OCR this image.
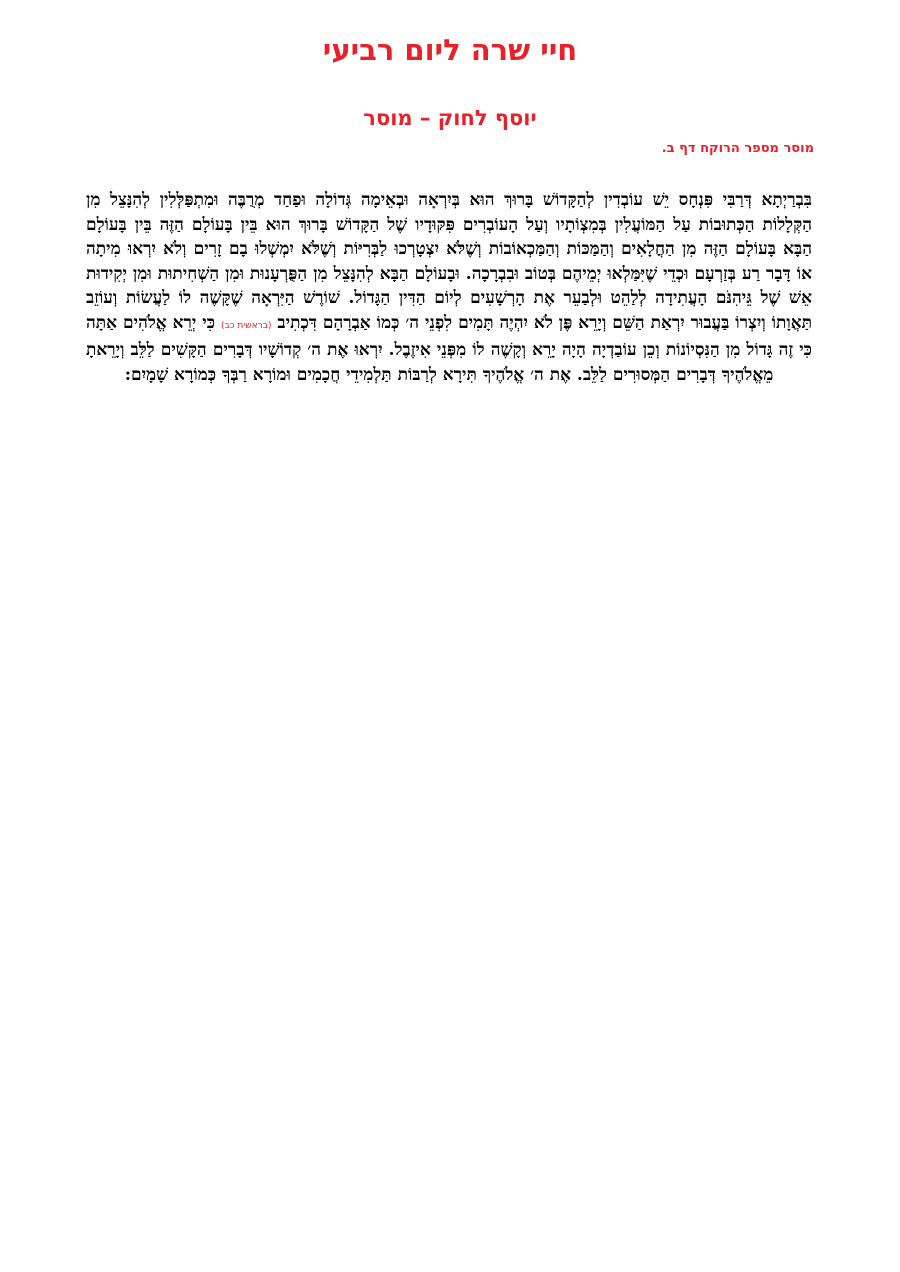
חיי שרה ליום רביעי
יוסף לחוק – מוסר
מוסר מספר הרוקח דף ב.
בִּבְרַיְתָא דְּרַבִּי פִּנְחָס יֵשׁ עוֹבְדִין לְהַקָּדוֹשׁ בָּרוּךְ הוּא בְּיִרְאָה וּבְאֵימָה גְּדוֹלָה וּפַחַד מְרֻבֶּה וּמִתְפַּלְּלִין לְהִנָּצֵל מִן הַקְּלָלוֹת הַכְּתוּבוֹת עַל הַמּוֹעֲלִין בְּמִצְוֹתָיו וְעַל הָעוֹבְרִים פִּקּוּדָיו שֶׁל הַקָּדוֹשׁ בָּרוּךְ הוּא בֵּין בָּעוֹלָם הַזֶּה בֵּין בָּעוֹלָם הַבָּא בָּעוֹלָם הַזֶּה מִן הַחֳלָאִים וְהַמַּכּוֹת וְהַמַּכְאוֹבוֹת וְשֶׁלֹּא יִצְטָרְכוּ לַבְּרִיּוֹת וְשֶׁלֹּא יִמְשְׁלוּ בָם זָרִים וְלֹא יִרְאוּ מִיתָה אוֹ דָּבָר רַע בְּזַרְעָם וּכְדֵי שֶׁיִּמַּלְאוּ יְמֵיהֶם בְּטוֹב וּבִבְרָכָה. וּבָעוֹלָם הַבָּא לְהִנָּצֵל מִן הַפֻּרְעָנוּת וּמִן הַשְׁחִיתוּת וּמִן יְקִידוּת אֵשׁ שֶׁל גֵּיהִנֹּם הָעֲתִידָה לְלַהֵט וּלְבַעֵר אֶת הָרְשָׁעִים לְיוֹם הַדִּין הַגָּדוֹל. שׁוֹרֶשׁ הַיִּרְאָה שֶׁקָּשֶׁה לוֹ לַעֲשׂוֹת וְעוֹזֵב תַּאֲוָתוֹ וְיִצְרוֹ בַּעֲבוּר יִרְאַת הַשֵּׁם וְיָרֵא פֶּן לֹא יִהְיֶה תָּמִים לִפְנֵי ה׳ כְּמוֹ אַבְרָהָם דִּכְתִיב (בראשית כב) כִּי יְרֵא אֱלֹהִים אַתָּה כִּי זֶה גָּדוֹל מִן הַנִּסְיוֹנוֹת וְכֵן עוֹבַדְיָה הָיָה יָרֵא וְקָשֶׁה לוֹ מִפְּנֵי אִיזֶבֶל. יִרְאוּ אֶת ה׳ קְדוֹשָׁיו דְּבָרִים הַקָּשִׁים לַלֵּב וְיָרֵאתָ מֵאֱלֹהֶיךָ דְּבָרִים הַמְּסוּרִים לַלֵּב. אֶת ה׳ אֱלֹהֶיךָ תִּירָא לְרַבּוֹת תַּלְמִידֵי חֲכָמִים וּמוֹרָא רַבְּךָ כְּמוֹרָא שָׁמָיִם:
